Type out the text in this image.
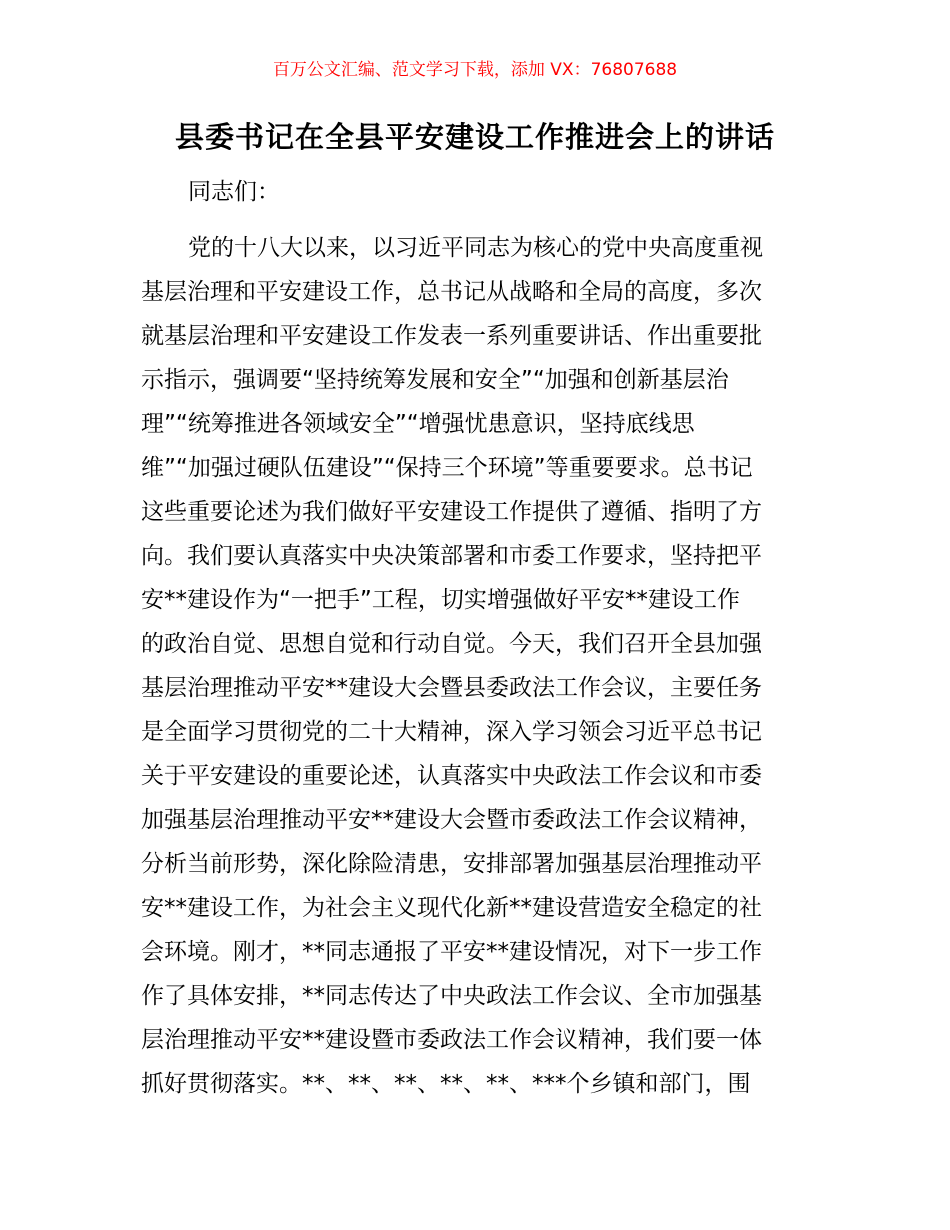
百万公文汇编、范文学习下载，添加 VX：76807688
县委书记在全县平安建设工作推进会上的讲话
同志们：
党的十八大以来，以习近平同志为核心的党中央高度重视
基层治理和平安建设工作，总书记从战略和全局的高度，多次
就基层治理和平安建设工作发表一系列重要讲话、作出重要批
示指示，强调要“坚持统筹发展和安全”“加强和创新基层治
理”“统筹推进各领域安全”“增强忧患意识，坚持底线思
维”“加强过硬队伍建设”“保持三个环境”等重要要求。总书记
这些重要论述为我们做好平安建设工作提供了遵循、指明了方
向。我们要认真落实中央决策部署和市委工作要求，坚持把平
安**建设作为“一把手”工程，切实增强做好平安**建设工作
的政治自觉、思想自觉和行动自觉。今天，我们召开全县加强
基层治理推动平安**建设大会暨县委政法工作会议，主要任务
是全面学习贯彻党的二十大精神，深入学习领会习近平总书记
关于平安建设的重要论述，认真落实中央政法工作会议和市委
加强基层治理推动平安**建设大会暨市委政法工作会议精神，
分析当前形势，深化除险清患，安排部署加强基层治理推动平
安**建设工作，为社会主义现代化新**建设营造安全稳定的社
会环境。刚才，**同志通报了平安**建设情况，对下一步工作
作了具体安排，**同志传达了中央政法工作会议、全市加强基
层治理推动平安**建设暨市委政法工作会议精神，我们要一体
抓好贯彻落实。**、**、**、**、**、***个乡镇和部门，围
